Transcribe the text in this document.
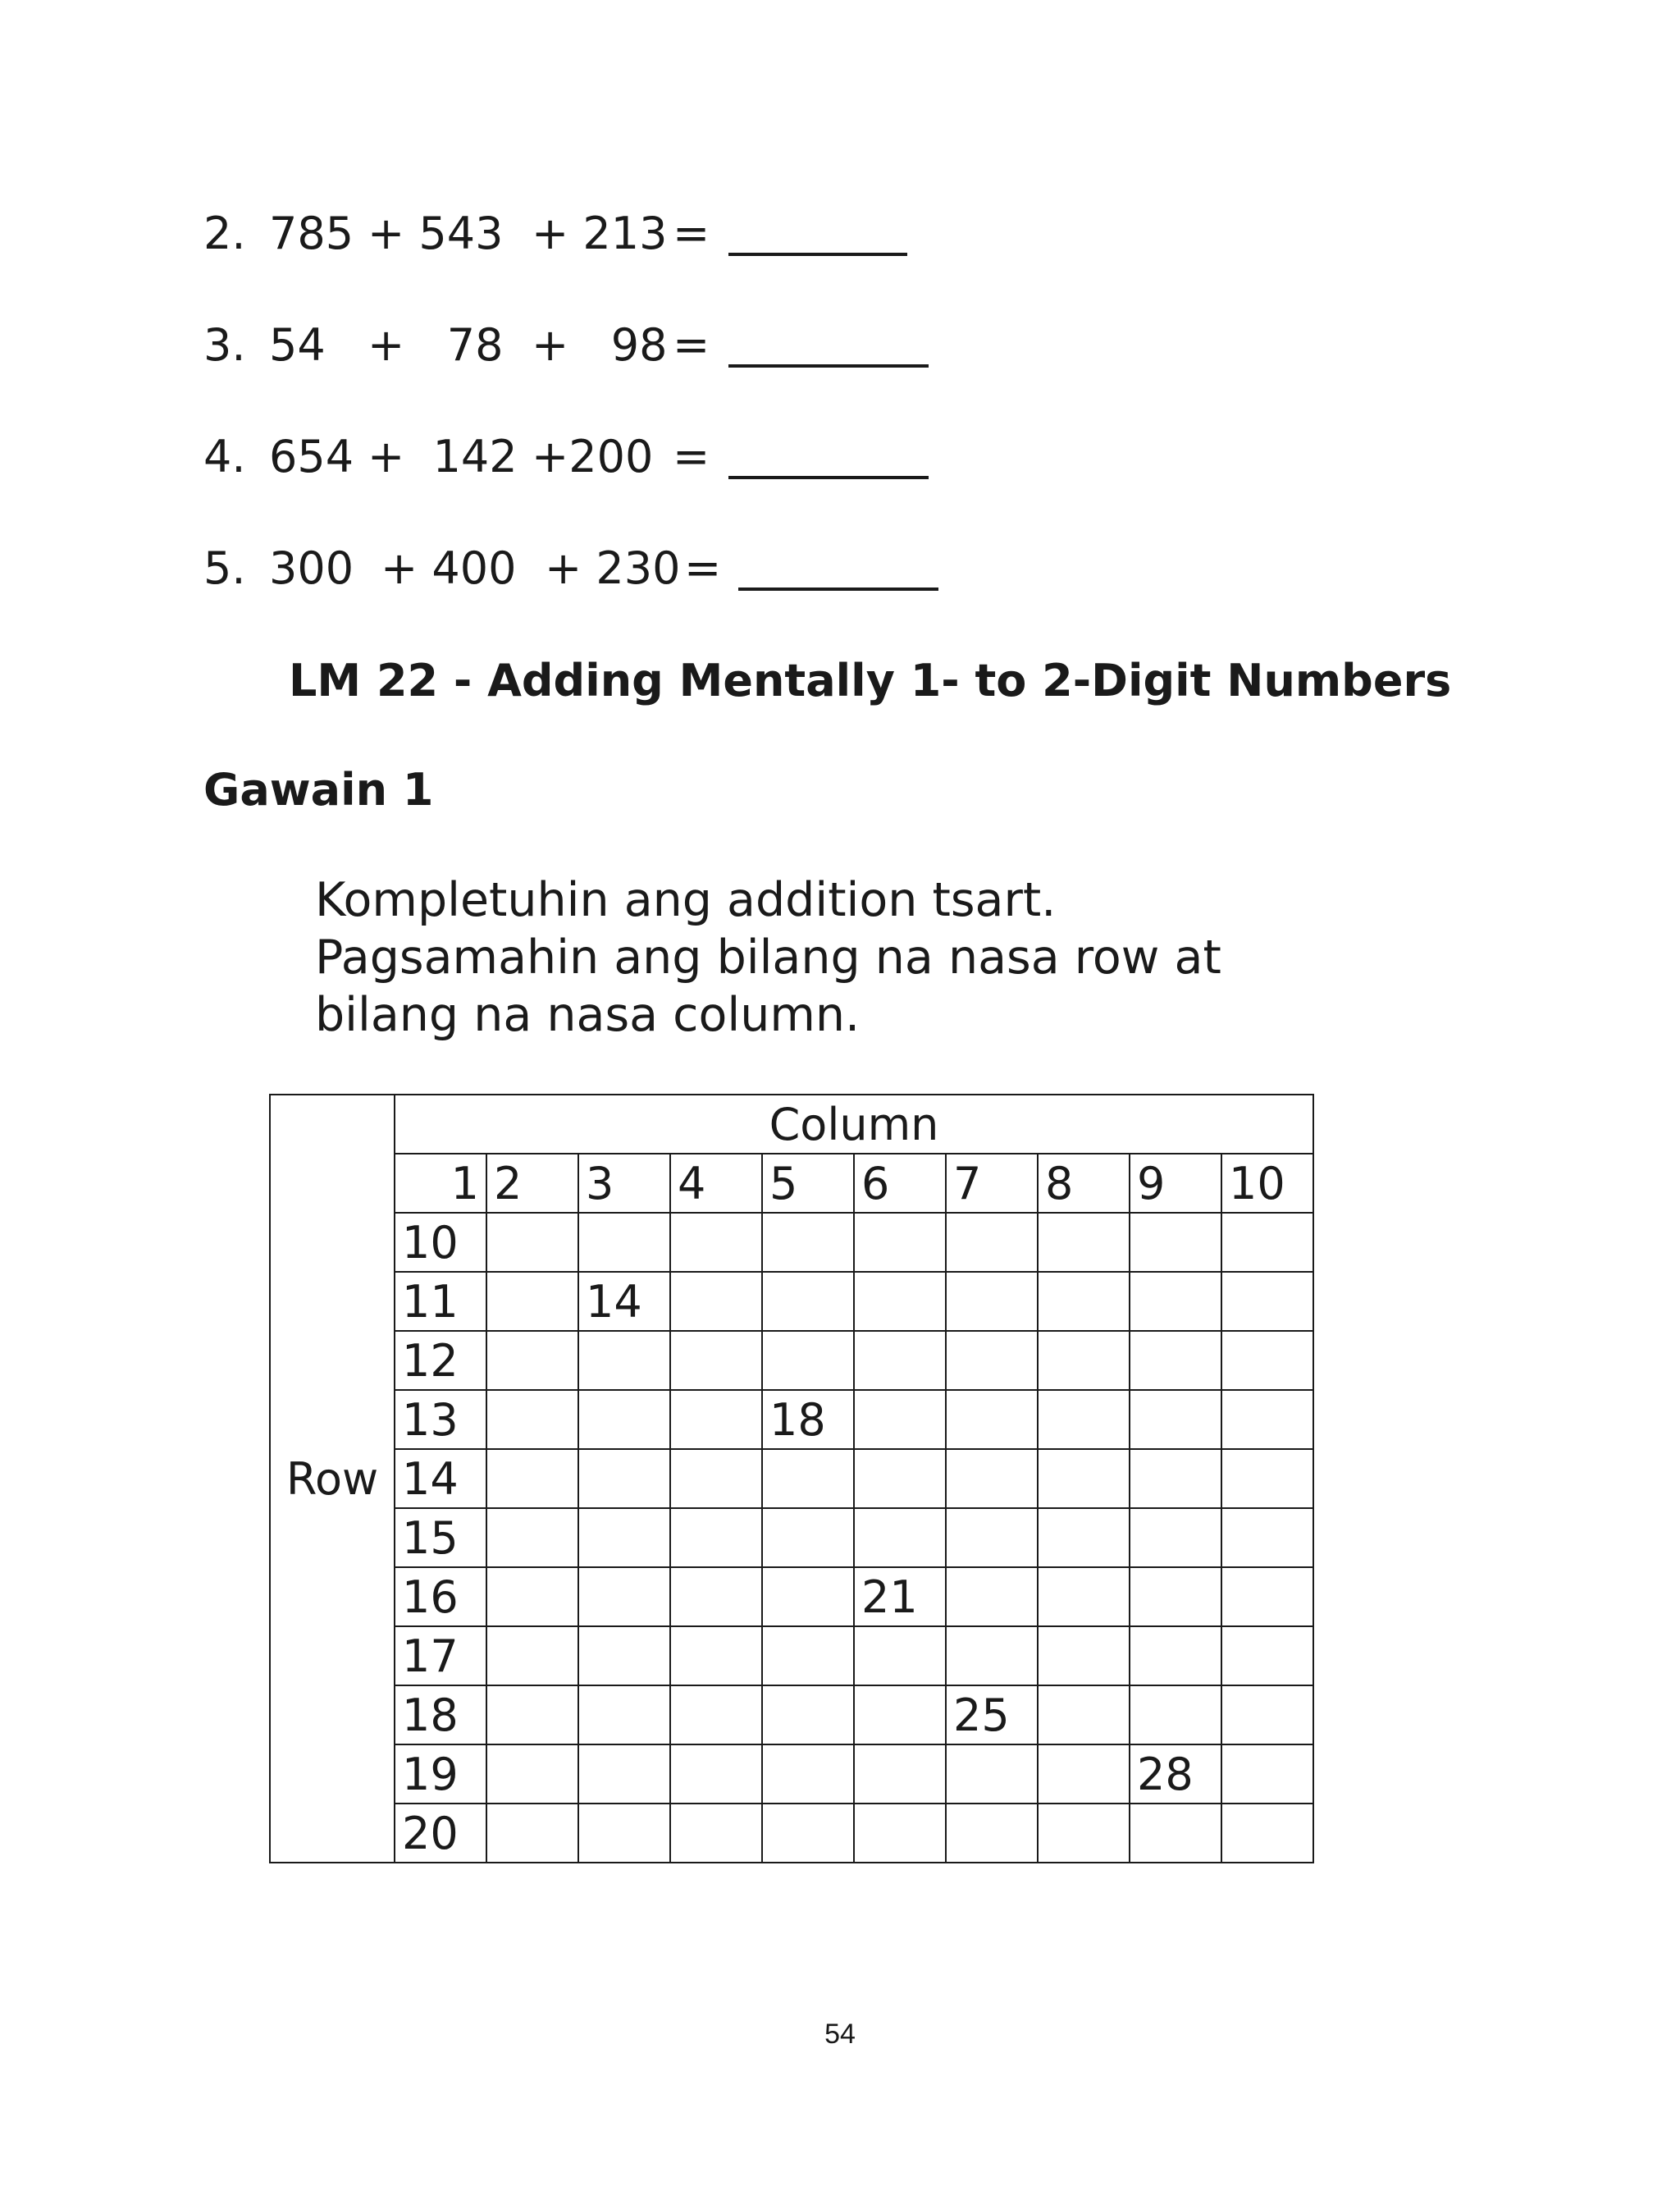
2. 785 + 543 + 213 =
3. 54 +   78 +   98 =
4. 654 +  142 +200 =
5. 300 + 400 + 230 =
LM 22 - Adding Mentally 1- to 2-Digit Numbers
Gawain 1
Kompletuhin ang addition tsart. Pagsamahin ang bilang na nasa row at bilang na nasa column.
Row	Column									
	1	2	3	4	5	6	7	8	9	10
	10									
	11		14							
	12									
	13				18					
	14									
	15									
	16					21				
	17									
	18						25			
	19								28	
	20									
54
